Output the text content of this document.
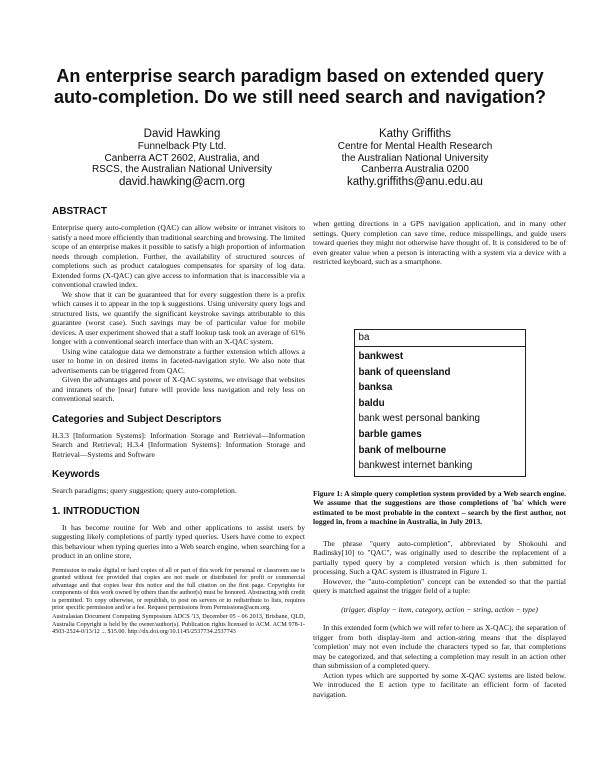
An enterprise search paradigm based on extended query
auto-completion. Do we still need search and navigation?
David Hawking
Funnelback Pty Ltd.
Canberra ACT 2602, Australia, and
RSCS, the Australian National University
david.hawking@acm.org
Kathy Griffiths
Centre for Mental Health Research
the Australian National University
Canberra Australia 0200
kathy.griffiths@anu.edu.au
ABSTRACT

Enterprise query auto-completion (QAC) can allow website or intranet visitors to satisfy a need more efficiently than traditional searching and browsing. The limited scope of an enterprise makes it possible to satisfy a high proportion of information needs through completion. Further, the availability of structured sources of completions such as product catalogues compensates for sparsity of log data. Extended forms (X-QAC) can give access to information that is inaccessible via a conventional crawled index.

We show that it can be guaranteed that for every suggestion there is a prefix which causes it to appear in the top k suggestions. Using university query logs and structured lists, we quantify the significant keystroke savings attributable to this guarantee (worst case). Such savings may be of particular value for mobile devices. A user experiment showed that a staff lookup task took an average of 61% longer with a conventional search interface than with an X-QAC system.

Using wine catalogue data we demonstrate a further extension which allows a user to home in on desired items in faceted-navigation style. We also note that advertisements can be triggered from QAC.

Given the advantages and power of X-QAC systems, we envisage that websites and intranets of the [near] future will provide less navigation and rely less on conventional search.

Categories and Subject Descriptors

H.3.3 [Information Systems]: Information Storage and Retrieval—Information Search and Retrieval; H.3.4 [Information Systems]: Information Storage and Retrieval—Systems and Software

Keywords

Search paradigms; query suggestion; query auto-completion.

1. INTRODUCTION

It has become routine for Web and other applications to assist users by suggesting likely completions of partly typed queries. Users have come to expect this behaviour when typing queries into a Web search engine, when searching for a product in an online store,

Permission to make digital or hard copies of all or part of this work for personal or classroom use is granted without fee provided that copies are not made or distributed for profit or commercial advantage and that copies bear this notice and the full citation on the first page. Copyrights for components of this work owned by others than the author(s) must be honored. Abstracting with credit is permitted. To copy otherwise, or republish, to post on servers or to redistribute to lists, requires prior specific permission and/or a fee. Request permissions from Permissions@acm.org.

Australasian Document Computing Symposium ADCS '13, December 05 - 06 2013, Brisbane, QLD, Australia Copyright is held by the owner/author(s). Publication rights licensed to ACM. ACM 978-1-4503-2524-0/13/12 ... $15.00. http://dx.doi.org/10.1145/2537734.2537743

when getting directions in a GPS navigation application, and in many other settings. Query completion can save time, reduce misspellings, and guide users toward queries they might not otherwise have thought of. It is considered to be of even greater value when a person is interacting with a system via a device with a restricted keyboard, such as a smartphone.

ba
bankwest
bank of queensland
banksa
baldu
bank west personal banking
barble games
bank of melbourne
bankwest internet banking

Figure 1: A simple query completion system provided by a Web search engine. We assume that the suggestions are those completions of 'ba' which were estimated to be most probable in the context – search by the first author, not logged in, from a machine in Australia, in July 2013.

The phrase "query auto-completion", abbreviated by Shokouhi and Radinsky[10] to "QAC", was originally used to describe the replacement of a partially typed query by a completed version which is then submitted for processing. Such a QAC system is illustrated in Figure 1.

However, the "auto-completion" concept can be extended so that the partial query is matched against the trigger field of a tuple:

(trigger, display − item, category, action − string, action − type)

In this extended form (which we will refer to here as X-QAC), the separation of trigger from both display-item and action-string means that the displayed 'completion' may not even include the characters typed so far, that completions may be categorized, and that selecting a completion may result in an action other than submission of a completed query.

Action types which are supported by some X-QAC systems are listed below. We introduced the E action type to facilitate an efficient form of faceted navigation.
